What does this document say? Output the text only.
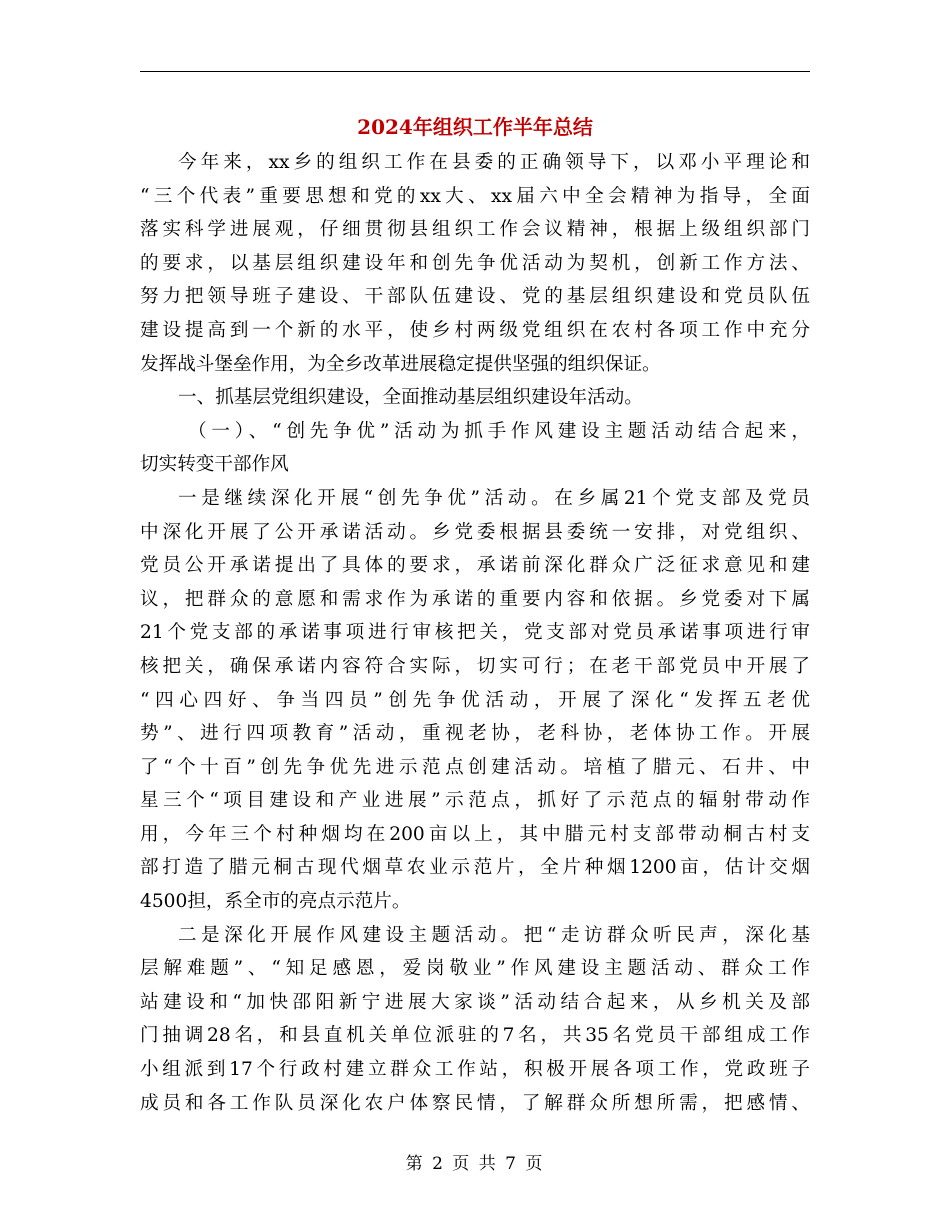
2024年组织工作半年总结
今年来，xx乡的组织工作在县委的正确领导下，以邓小平理论和
“三个代表”重要思想和党的xx大、xx届六中全会精神为指导，全面
落实科学进展观，仔细贯彻县组织工作会议精神，根据上级组织部门
的要求，以基层组织建设年和创先争优活动为契机，创新工作方法、
努力把领导班子建设、干部队伍建设、党的基层组织建设和党员队伍
建设提高到一个新的水平，使乡村两级党组织在农村各项工作中充分
发挥战斗堡垒作用，为全乡改革进展稳定提供坚强的组织保证。
一、抓基层党组织建设，全面推动基层组织建设年活动。
（一）、“创先争优”活动为抓手作风建设主题活动结合起来，
切实转变干部作风
一是继续深化开展“创先争优”活动。在乡属21个党支部及党员
中深化开展了公开承诺活动。乡党委根据县委统一安排，对党组织、
党员公开承诺提出了具体的要求，承诺前深化群众广泛征求意见和建
议，把群众的意愿和需求作为承诺的重要内容和依据。乡党委对下属
21个党支部的承诺事项进行审核把关，党支部对党员承诺事项进行审
核把关，确保承诺内容符合实际，切实可行；在老干部党员中开展了
“四心四好、争当四员”创先争优活动，开展了深化“发挥五老优
势”、进行四项教育”活动，重视老协，老科协，老体协工作。开展
了“个十百”创先争优先进示范点创建活动。培植了腊元、石井、中
星三个“项目建设和产业进展”示范点，抓好了示范点的辐射带动作
用，今年三个村种烟均在200亩以上，其中腊元村支部带动桐古村支
部打造了腊元桐古现代烟草农业示范片，全片种烟1200亩，估计交烟
4500担，系全市的亮点示范片。
二是深化开展作风建设主题活动。把“走访群众听民声，深化基
层解难题”、“知足感恩，爱岗敬业”作风建设主题活动、群众工作
站建设和“加快邵阳新宁进展大家谈”活动结合起来，从乡机关及部
门抽调28名，和县直机关单位派驻的7名，共35名党员干部组成工作
小组派到17个行政村建立群众工作站，积极开展各项工作，党政班子
成员和各工作队员深化农户体察民情，了解群众所想所需，把感情、
第 2 页 共 7 页
